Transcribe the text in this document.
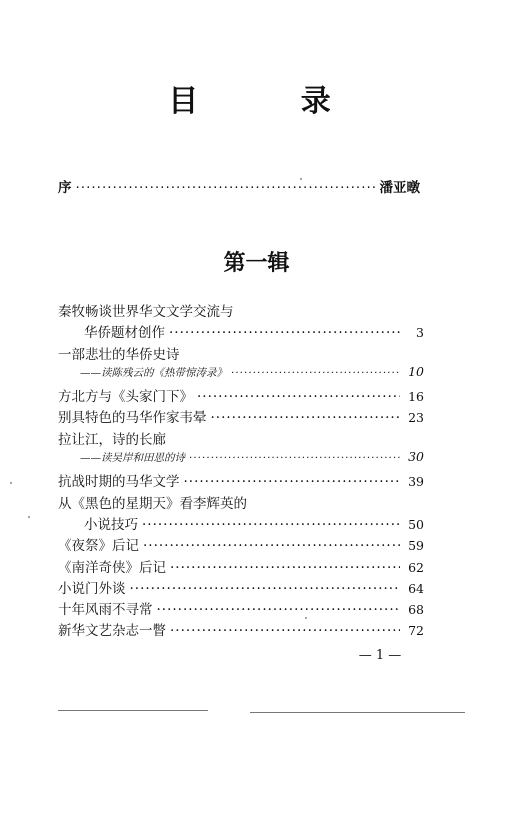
目 录
序 ·····	潘亚暾
第一辑
秦牧畅谈世界华文文学交流与
华侨题材创作 ·····	3
一部悲壮的华侨史诗
——读陈残云的《热带惊涛录》 ·····	10
方北方与《头家门下》 ·····	16
别具特色的马华作家韦晕 ·····	23
拉让江，诗的长廊
——读吴岸和田思的诗 ·····	30
抗战时期的马华文学 ·····	39
从《黑色的星期天》看李辉英的
小说技巧 ·····	50
《夜祭》后记 ·····	59
《南洋奇侠》后记 ·····	62
小说门外谈 ·····	64
十年风雨不寻常 ·····	68
新华文艺杂志一瞥 ·····	72
— 1 —
